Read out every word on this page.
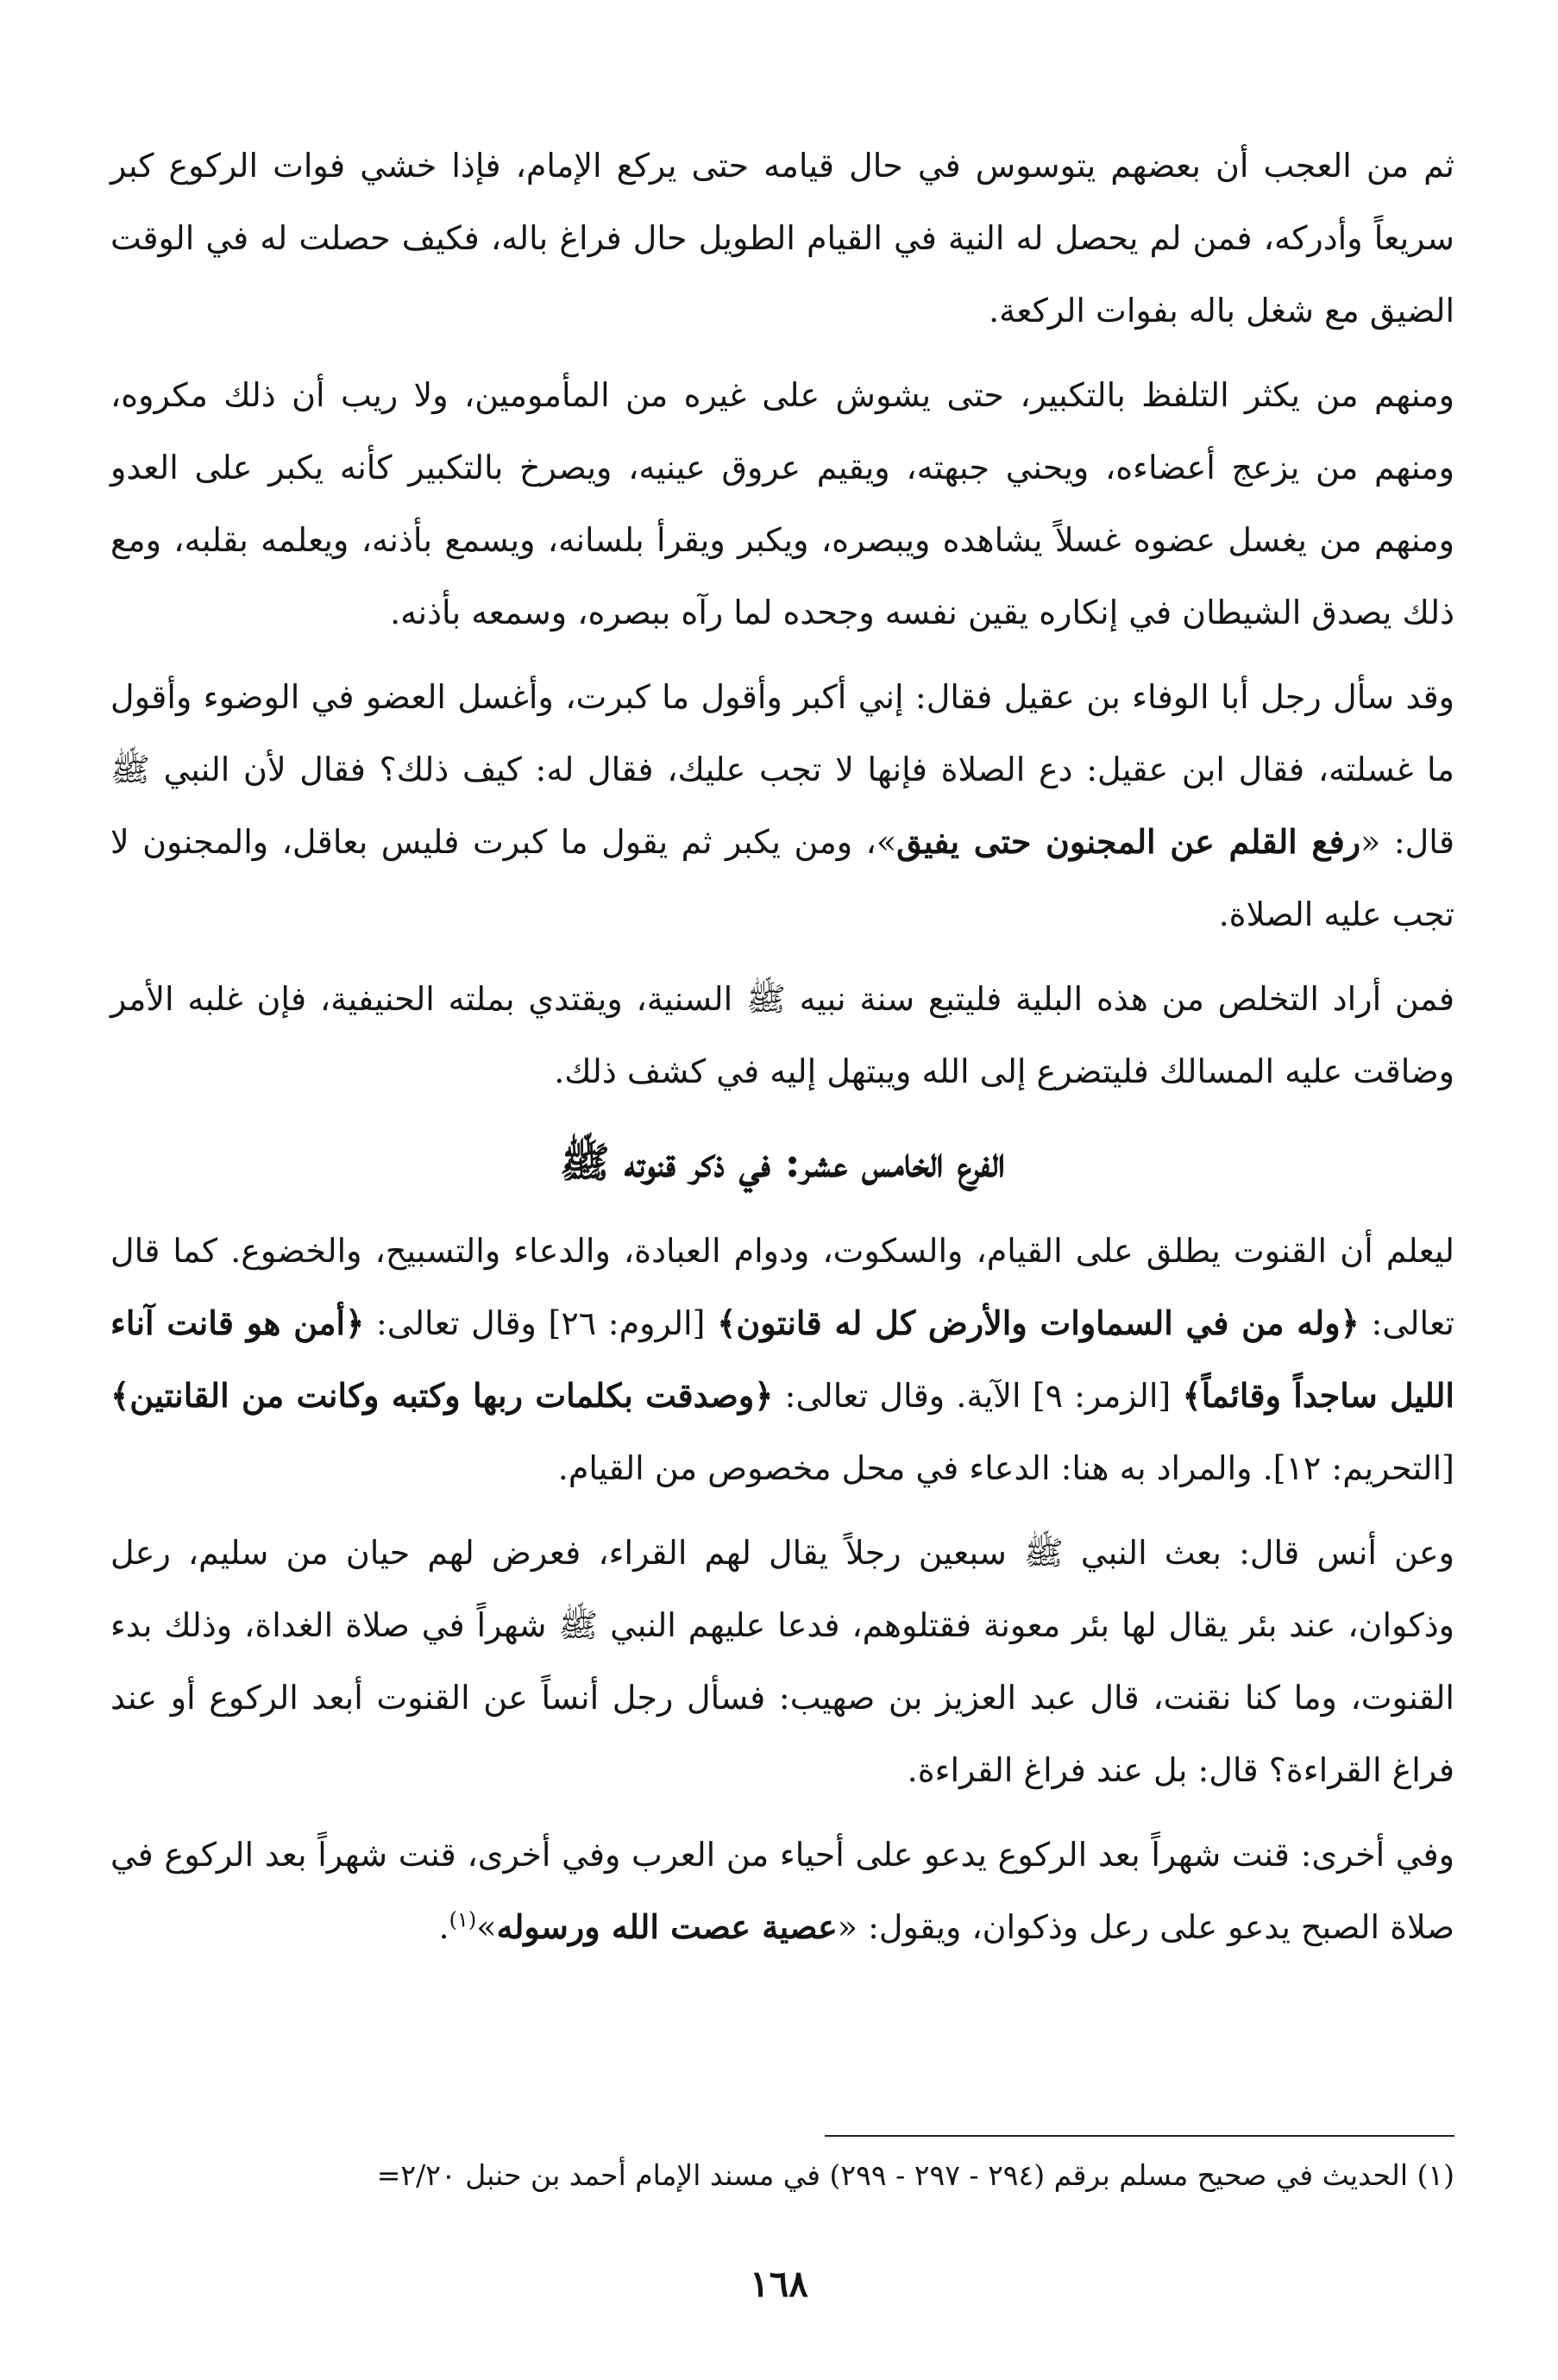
ثم من العجب أن بعضهم يتوسوس في حال قيامه حتى يركع الإمام، فإذا خشي فوات الركوع كبر سريعاً وأدركه، فمن لم يحصل له النية في القيام الطويل حال فراغ باله، فكيف حصلت له في الوقت الضيق مع شغل باله بفوات الركعة.

ومنهم من يكثر التلفظ بالتكبير، حتى يشوش على غيره من المأمومين، ولا ريب أن ذلك مكروه، ومنهم من يزعج أعضاءه، ويحني جبهته، ويقيم عروق عينيه، ويصرخ بالتكبير كأنه يكبر على العدو ومنهم من يغسل عضوه غسلاً يشاهده ويبصره، ويكبر ويقرأ بلسانه، ويسمع بأذنه، ويعلمه بقلبه، ومع ذلك يصدق الشيطان في إنكاره يقين نفسه وجحده لما رآه ببصره، وسمعه بأذنه.

وقد سأل رجل أبا الوفاء بن عقيل فقال: إني أكبر وأقول ما كبرت، وأغسل العضو في الوضوء وأقول ما غسلته، فقال ابن عقيل: دع الصلاة فإنها لا تجب عليك، فقال له: كيف ذلك؟ فقال لأن النبي ﷺ قال: «رفع القلم عن المجنون حتى يفيق»، ومن يكبر ثم يقول ما كبرت فليس بعاقل، والمجنون لا تجب عليه الصلاة.

فمن أراد التخلص من هذه البلية فليتبع سنة نبيه ﷺ السنية، ويقتدي بملته الحنيفية، فإن غلبه الأمر وضاقت عليه المسالك فليتضرع إلى الله ويبتهل إليه في كشف ذلك.

الفرع الخامس عشر: في ذكر قنوته ﷺ

ليعلم أن القنوت يطلق على القيام، والسكوت، ودوام العبادة، والدعاء والتسبيح، والخضوع. كما قال تعالى: ﴿وله من في السماوات والأرض كل له قانتون﴾ [الروم: ٢٦] وقال تعالى: ﴿أمن هو قانت آناء الليل ساجداً وقائماً﴾ [الزمر: ٩] الآية. وقال تعالى: ﴿وصدقت بكلمات ربها وكتبه وكانت من القانتين﴾ [التحريم: ١٢]. والمراد به هنا: الدعاء في محل مخصوص من القيام.

وعن أنس قال: بعث النبي ﷺ سبعين رجلاً يقال لهم القراء، فعرض لهم حيان من سليم، رعل وذكوان، عند بئر يقال لها بئر معونة فقتلوهم، فدعا عليهم النبي ﷺ شهراً في صلاة الغداة، وذلك بدء القنوت، وما كنا نقنت، قال عبد العزيز بن صهيب: فسأل رجل أنساً عن القنوت أبعد الركوع أو عند فراغ القراءة؟ قال: بل عند فراغ القراءة.

وفي أخرى: قنت شهراً بعد الركوع يدعو على أحياء من العرب وفي أخرى، قنت شهراً بعد الركوع في صلاة الصبح يدعو على رعل وذكوان، ويقول: «عصية عصت الله ورسوله»$^{(١)}$.

(١) الحديث في صحيح مسلم برقم (٢٩٤ - ٢٩٧ - ٢٩٩) في مسند الإمام أحمد بن حنبل ٢/٢٠=
١٦٨
